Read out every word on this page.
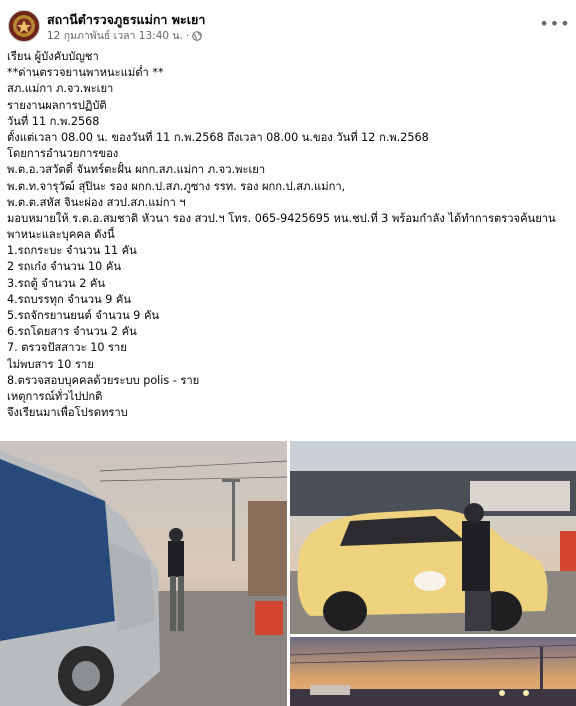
สถานีตำรวจภูธรแม่กา พะเยา
12 กุมภาพันธ์ เวลา 13:40 น. ·
•••
เรียน ผู้บังคับบัญชา
**ด่านตรวจยานพาหนะแม่ต๋ำ **
สภ.แม่กา ภ.จว.พะเยา
รายงานผลการปฏิบัติ
วันที่ 11 ก.พ.2568
ตั้งแต่เวลา 08.00 น. ของวันที่ 11 ก.พ.2568 ถึงเวลา 08.00 น.ของ วันที่ 12 ก.พ.2568
โดยการอำนวยการของ
พ.ต.อ.วสวัตติ์ จันทร์ตะฝั้น ผกก.สภ.แม่กา ภ.จว.พะเยา
พ.ต.ท.จารุวัฒ์ สุปินะ รอง ผกก.ป.สภ.ภูซาง รรท. รอง ผกก.ป.สภ.แม่กา,
พ.ต.ต.สหัส จินะผ่อง สวป.สภ.แม่กา ฯ
มอบหมายให้ ร.ต.อ.สมชาติ หัวนา รอง สวป.ฯ โทร. 065-9425695 หน.ชป.ที่ 3 พร้อมกำลัง ได้ทำการตรวจค้นยาน
พาหนะและบุคคล ดังนี้
1.รถกระบะ จำนวน 11 คัน
2 รถเก๋ง จำนวน 10 คัน
3.รถตู้ จำนวน 2 คัน
4.รถบรรทุก จำนวน 9 คัน
5.รถจักรยานยนต์ จำนวน 9 คัน
6.รถโดยสาร จำนวน 2 คัน
7. ตรวจปัสสาวะ 10 ราย
ไม่พบสาร 10 ราย
8.ตรวจสอบบุคคลด้วยระบบ polis - ราย
เหตุการณ์ทั่วไปปกติ
จึงเรียนมาเพื่อโปรดทราบ
